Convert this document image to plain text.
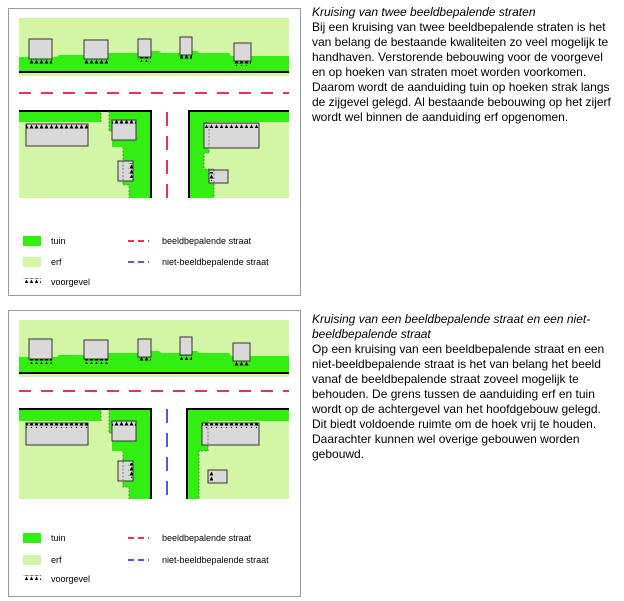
tuin
erf
voorgevel
beeldbepalende straat
niet-beeldbepalende straat
tuin
erf
voorgevel
beeldbepalende straat
niet-beeldbepalende straat

Kruising van twee beeldbepalende straten

Bij een kruising van twee beeldbepalende straten is het van belang de bestaande kwaliteiten zo veel mogelijk te handhaven. Verstorende bebouwing voor de voorgevel en op hoeken van straten moet worden voorkomen. Daarom wordt de aanduiding tuin op hoeken strak langs de zijgevel gelegd. Al bestaande bebouwing op het zijerf wordt wel binnen de aanduiding erf opgenomen.

Kruising van een beeldbepalende straat en een niet-beeldbepalende straat

Op een kruising van een beeldbepalende straat en een niet-beeldbepalende straat is het van belang het beeld vanaf de beeldbepalende straat zoveel mogelijk te behouden. De grens tussen de aanduiding erf en tuin wordt op de achtergevel van het hoofdgebouw gelegd. Dit biedt voldoende ruimte om de hoek vrij te houden. Daarachter kunnen wel overige gebouwen worden gebouwd.
